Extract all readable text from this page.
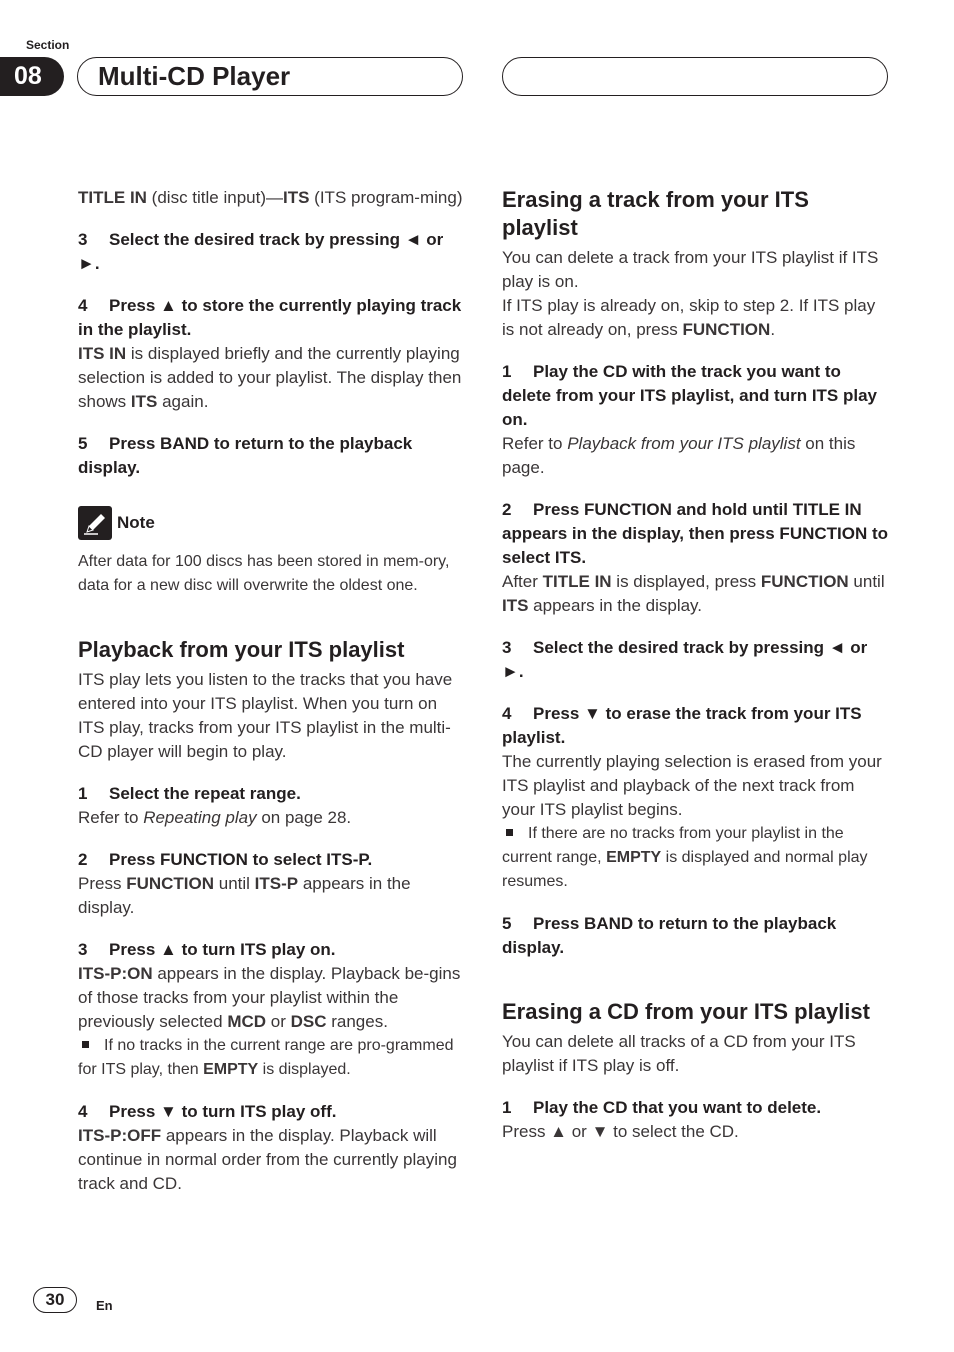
Section
08	Multi-CD Player

TITLE IN (disc title input)—ITS (ITS program-ming)

3 Select the desired track by pressing ◄ or ►.

4 Press ▲ to store the currently playing track in the playlist.

ITS IN is displayed briefly and the currently playing selection is added to your playlist. The display then shows ITS again.

5 Press BAND to return to the playback display.

Note

After data for 100 discs has been stored in mem-ory, data for a new disc will overwrite the oldest one.

Playback from your ITS playlist

ITS play lets you listen to the tracks that you have entered into your ITS playlist. When you turn on ITS play, tracks from your ITS playlist in the multi-CD player will begin to play.

1 Select the repeat range.

Refer to Repeating play on page 28.

2 Press FUNCTION to select ITS-P.

Press FUNCTION until ITS-P appears in the display.

3 Press ▲ to turn ITS play on.

ITS-P:ON appears in the display. Playback be-gins of those tracks from your playlist within the previously selected MCD or DSC ranges.

If no tracks in the current range are pro-grammed for ITS play, then EMPTY is displayed.

4 Press ▼ to turn ITS play off.

ITS-P:OFF appears in the display. Playback will continue in normal order from the currently playing track and CD.

Erasing a track from your ITS playlist

You can delete a track from your ITS playlist if ITS play is on.

If ITS play is already on, skip to step 2. If ITS play is not already on, press FUNCTION.

1 Play the CD with the track you want to delete from your ITS playlist, and turn ITS play on.

Refer to Playback from your ITS playlist on this page.

2 Press FUNCTION and hold until TITLE IN appears in the display, then press FUNCTION to select ITS.

After TITLE IN is displayed, press FUNCTION until ITS appears in the display.

3 Select the desired track by pressing ◄ or ►.

4 Press ▼ to erase the track from your ITS playlist.

The currently playing selection is erased from your ITS playlist and playback of the next track from your ITS playlist begins.

If there are no tracks from your playlist in the current range, EMPTY is displayed and normal play resumes.

5 Press BAND to return to the playback display.

Erasing a CD from your ITS playlist

You can delete all tracks of a CD from your ITS playlist if ITS play is off.

1 Play the CD that you want to delete.

Press ▲ or ▼ to select the CD.

30	En
